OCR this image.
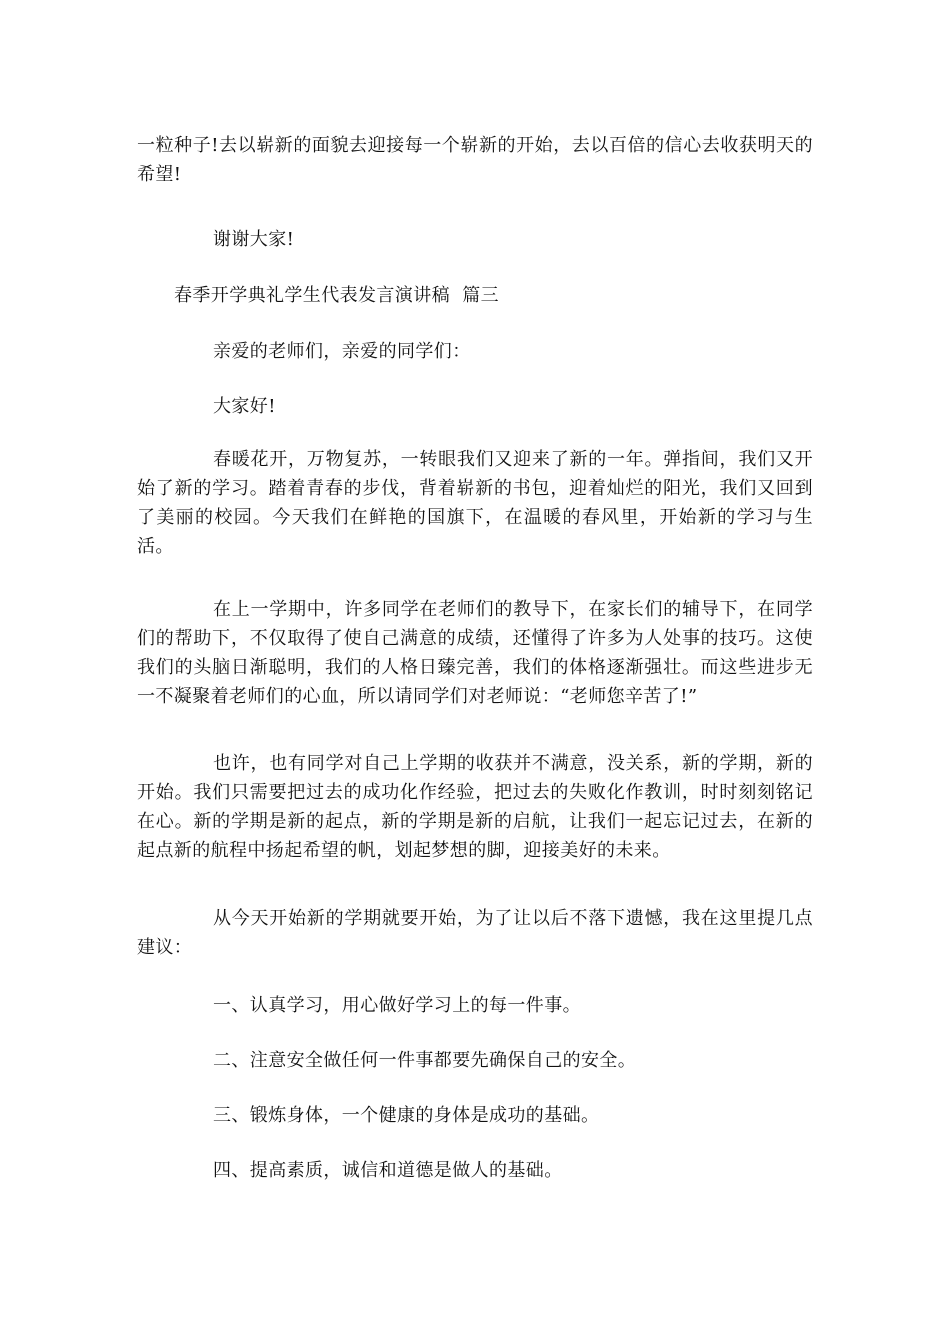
一粒种子!去以崭新的面貌去迎接每一个崭新的开始，去以百倍的信心去收获明天的希望!

谢谢大家!

春季开学典礼学生代表发言演讲稿  篇三

亲爱的老师们，亲爱的同学们：

大家好!

春暖花开，万物复苏，一转眼我们又迎来了新的一年。弹指间，我们又开始了新的学习。踏着青春的步伐，背着崭新的书包，迎着灿烂的阳光，我们又回到了美丽的校园。今天我们在鲜艳的国旗下，在温暖的春风里，开始新的学习与生活。

在上一学期中，许多同学在老师们的教导下，在家长们的辅导下，在同学们的帮助下，不仅取得了使自己满意的成绩，还懂得了许多为人处事的技巧。这使我们的头脑日渐聪明，我们的人格日臻完善，我们的体格逐渐强壮。而这些进步无一不凝聚着老师们的心血，所以请同学们对老师说：“老师您辛苦了!”

也许，也有同学对自己上学期的收获并不满意，没关系，新的学期，新的开始。我们只需要把过去的成功化作经验，把过去的失败化作教训，时时刻刻铭记在心。新的学期是新的起点，新的学期是新的启航，让我们一起忘记过去，在新的起点新的航程中扬起希望的帆，划起梦想的脚，迎接美好的未来。

从今天开始新的学期就要开始，为了让以后不落下遗憾，我在这里提几点建议：

一、认真学习，用心做好学习上的每一件事。

二、注意安全做任何一件事都要先确保自己的安全。

三、锻炼身体，一个健康的身体是成功的基础。

四、提高素质，诚信和道德是做人的基础。
